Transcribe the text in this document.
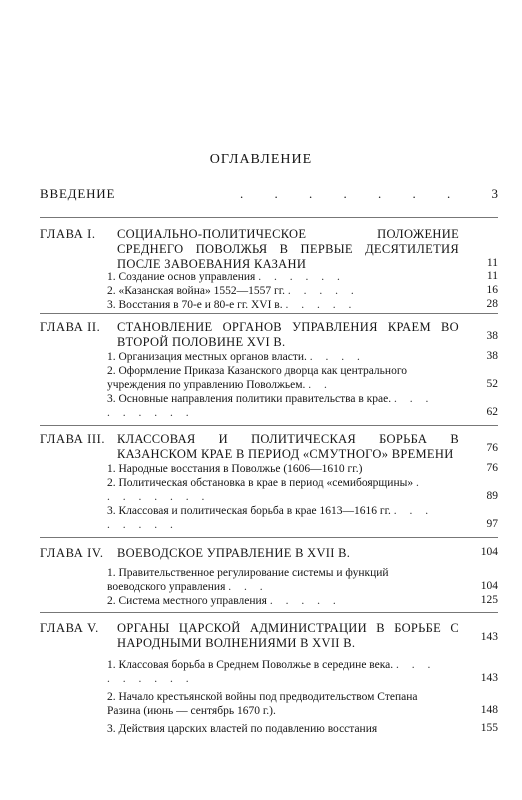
ОГЛАВЛЕНИЕ
ВВЕДЕНИЕ	. . . . . . . 3
ГЛАВА I. СОЦИАЛЬНО-ПОЛИТИЧЕСКОЕ ПОЛОЖЕНИЕ СРЕДНЕГО ПОВОЛЖЬЯ В ПЕРВЫЕ ДЕСЯТИЛЕТИЯ ПОСЛЕ ЗАВОЕВАНИЯ КАЗАНИ	11
1. Создание основ управления . . . . . .	11
2. «Казанская война» 1552—1557 гг. . . . . .	16
3. Восстания в 70-е и 80-е гг. XVI в. . . . . .	28
ГЛАВА II. СТАНОВЛЕНИЕ ОРГАНОВ УПРАВЛЕНИЯ КРАЕМ ВО ВТОРОЙ ПОЛОВИНЕ XVI В.	38
1. Организация местных органов власти. . . . .	38
2. Оформление Приказа Казанского дворца как центрального учреждения по управлению Поволжьем. . .	52
3. Основные направления политики правительства в крае. . . . . . . . . .	62
ГЛАВА III. КЛАССОВАЯ И ПОЛИТИЧЕСКАЯ БОРЬБА В КАЗАНСКОМ КРАЕ В ПЕРИОД «СМУТНОГО» ВРЕМЕНИ	76
1. Народные восстания в Поволжье (1606—1610 гг.)	76
2. Политическая обстановка в крае в период «семибоярщины» . . . . . . . .	89
3. Классовая и политическая борьба в крае 1613—1616 гг. . . . . . . . .	97
ГЛАВА IV. ВОЕВОДСКОЕ УПРАВЛЕНИЕ В XVII В.	104
1. Правительственное регулирование системы и функций воеводского управления . . .	104
2. Система местного управления . . . . .	125
ГЛАВА V. ОРГАНЫ ЦАРСКОЙ АДМИНИСТРАЦИИ В БОРЬБЕ С НАРОДНЫМИ ВОЛНЕНИЯМИ В XVII В.	143
1. Классовая борьба в Среднем Поволжье в середине века. . . . . . . . . .	143
2. Начало крестьянской войны под предводительством Степана Разина (июнь — сентябрь 1670 г.).	148
3. Действия царских властей по подавлению восстания	155
